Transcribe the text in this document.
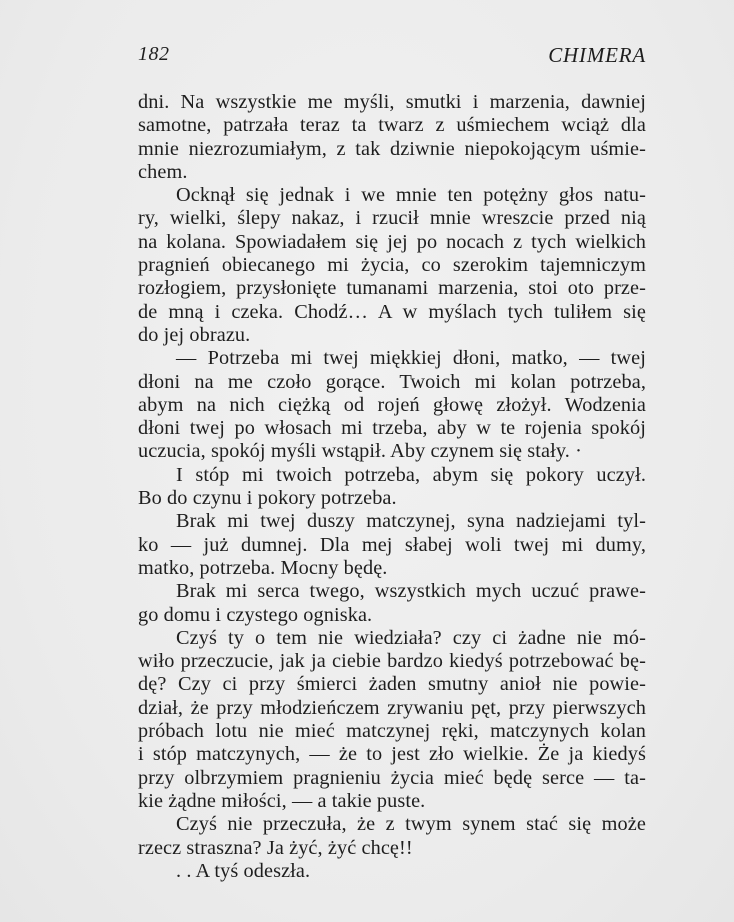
182	CHIMERA
dni. Na wszystkie me myśli, smutki i marzenia, dawniej
samotne, patrzała teraz ta twarz z uśmiechem wciąż dla
mnie niezrozumiałym, z tak dziwnie niepokojącym uśmie-
chem.
Ocknął się jednak i we mnie ten potężny głos natu-
ry, wielki, ślepy nakaz, i rzucił mnie wreszcie przed nią
na kolana. Spowiadałem się jej po nocach z tych wielkich
pragnień obiecanego mi życia, co szerokim tajemniczym
rozłogiem, przysłonięte tumanami marzenia, stoi oto prze-
de mną i czeka. Chodź… A w myślach tych tuliłem się
do jej obrazu.
— Potrzeba mi twej miękkiej dłoni, matko, — twej
dłoni na me czoło gorące. Twoich mi kolan potrzeba,
abym na nich ciężką od rojeń głowę złożył. Wodzenia
dłoni twej po włosach mi trzeba, aby w te rojenia spokój
uczucia, spokój myśli wstąpił. Aby czynem się stały. ·
I stóp mi twoich potrzeba, abym się pokory uczył.
Bo do czynu i pokory potrzeba.
Brak mi twej duszy matczynej, syna nadziejami tyl-
ko — już dumnej. Dla mej słabej woli twej mi dumy,
matko, potrzeba. Mocny będę.
Brak mi serca twego, wszystkich mych uczuć prawe-
go domu i czystego ogniska.
Czyś ty o tem nie wiedziała? czy ci żadne nie mó-
wiło przeczucie, jak ja ciebie bardzo kiedyś potrzebować bę-
dę? Czy ci przy śmierci żaden smutny anioł nie powie-
dział, że przy młodzieńczem zrywaniu pęt, przy pierwszych
próbach lotu nie mieć matczynej ręki, matczynych kolan
i stóp matczynych, — że to jest zło wielkie. Że ja kiedyś
przy olbrzymiem pragnieniu życia mieć będę serce — ta-
kie żądne miłości, — a takie puste.
Czyś nie przeczuła, że z twym synem stać się może
rzecz straszna? Ja żyć, żyć chcę!!
. . A tyś odeszła.
